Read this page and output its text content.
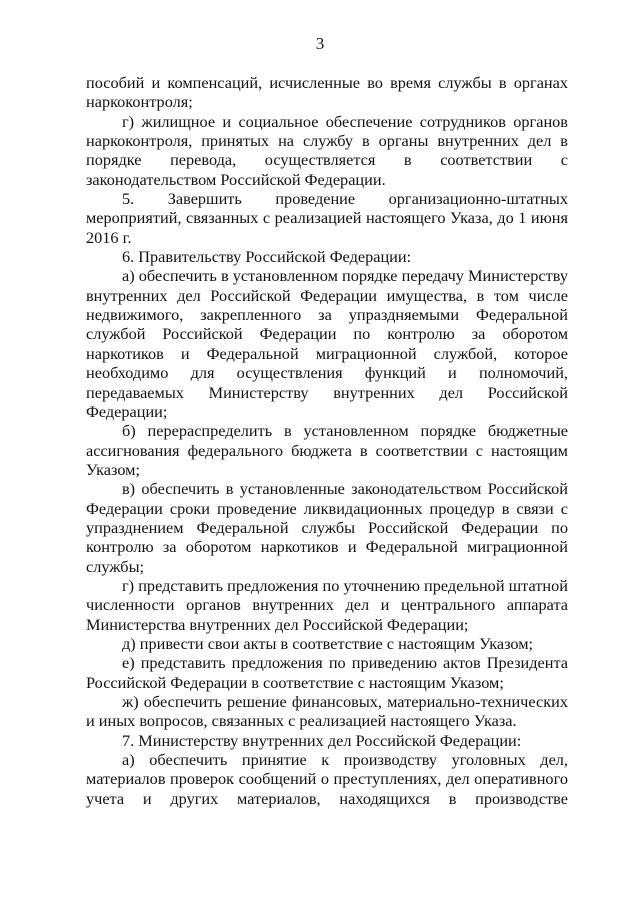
3

пособий и компенсаций, исчисленные во время службы в органах наркоконтроля;

г) жилищное и социальное обеспечение сотрудников органов наркоконтроля, принятых на службу в органы внутренних дел в порядке перевода, осуществляется в соответствии с законодательством Российской Федерации.

5. Завершить проведение организационно-штатных мероприятий, связанных с реализацией настоящего Указа, до 1 июня 2016 г.

6. Правительству Российской Федерации:

а) обеспечить в установленном порядке передачу Министерству внутренних дел Российской Федерации имущества, в том числе недвижимого, закрепленного за упраздняемыми Федеральной службой Российской Федерации по контролю за оборотом наркотиков и Федеральной миграционной службой, которое необходимо для осуществления функций и полномочий, передаваемых Министерству внутренних дел Российской Федерации;

б) перераспределить в установленном порядке бюджетные ассигнования федерального бюджета в соответствии с настоящим Указом;

в) обеспечить в установленные законодательством Российской Федерации сроки проведение ликвидационных процедур в связи с упразднением Федеральной службы Российской Федерации по контролю за оборотом наркотиков и Федеральной миграционной службы;

г) представить предложения по уточнению предельной штатной численности органов внутренних дел и центрального аппарата Министерства внутренних дел Российской Федерации;

д) привести свои акты в соответствие с настоящим Указом;

е) представить предложения по приведению актов Президента Российской Федерации в соответствие с настоящим Указом;

ж) обеспечить решение финансовых, материально-технических и иных вопросов, связанных с реализацией настоящего Указа.

7. Министерству внутренних дел Российской Федерации:

а) обеспечить принятие к производству уголовных дел, материалов проверок сообщений о преступлениях, дел оперативного учета и других материалов, находящихся в производстве
